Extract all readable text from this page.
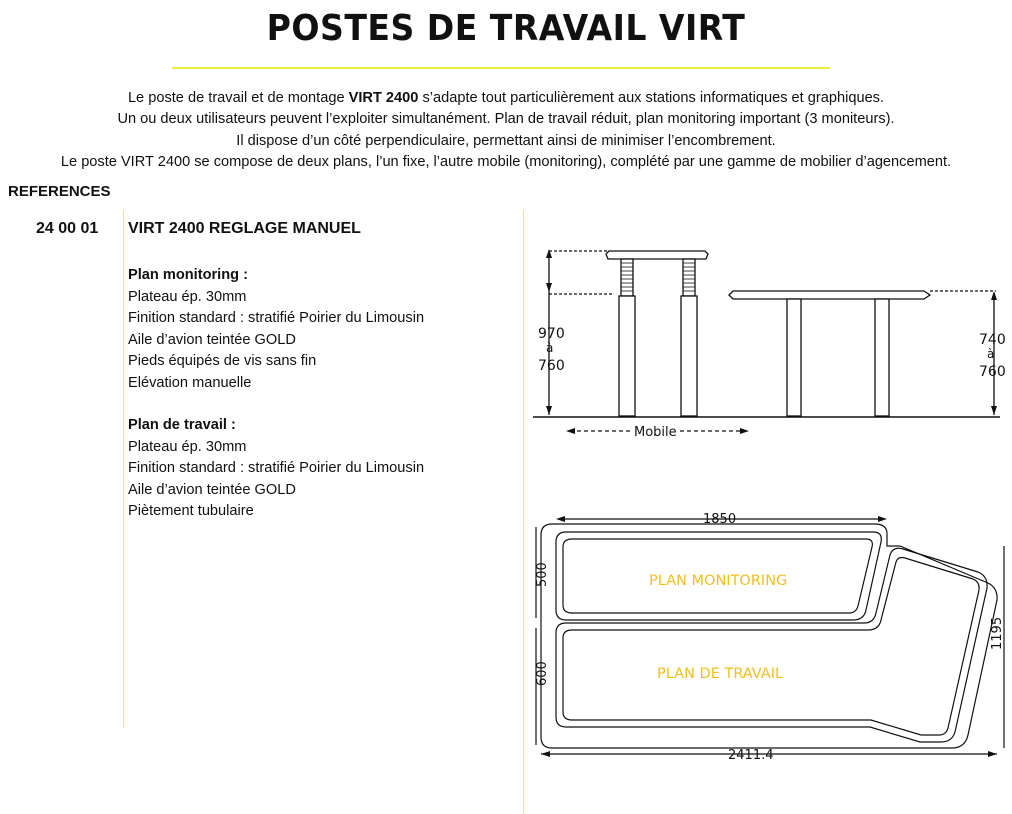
POSTES DE TRAVAIL VIRT

Le poste de travail et de montage VIRT 2400 s’adapte tout particulièrement aux stations informatiques et graphiques.

Un ou deux utilisateurs peuvent l’exploiter simultanément. Plan de travail réduit, plan monitoring important (3 moniteurs).

Il dispose d’un côté perpendiculaire, permettant ainsi de minimiser l’encombrement.

Le poste VIRT 2400 se compose de deux plans, l’un fixe, l’autre mobile (monitoring), complété par une gamme de mobilier d’agencement.

REFERENCES
24 00 01 VIRT 2400 REGLAGE MANUEL
Plan monitoring :
Plateau ép. 30mm
Finition standard : stratifié Poirier du Limousin
Aile d’avion teintée GOLD
Pieds équipés de vis sans fin
Elévation manuelle
Plan de travail :
Plateau ép. 30mm
Finition standard : stratifié Poirier du Limousin
Aile d’avion teintée GOLD
Piètement tubulaire
970
à
760
740
à
760
Mobile
1850
2411.4
500
600
1195
PLAN MONITORING
PLAN DE TRAVAIL
